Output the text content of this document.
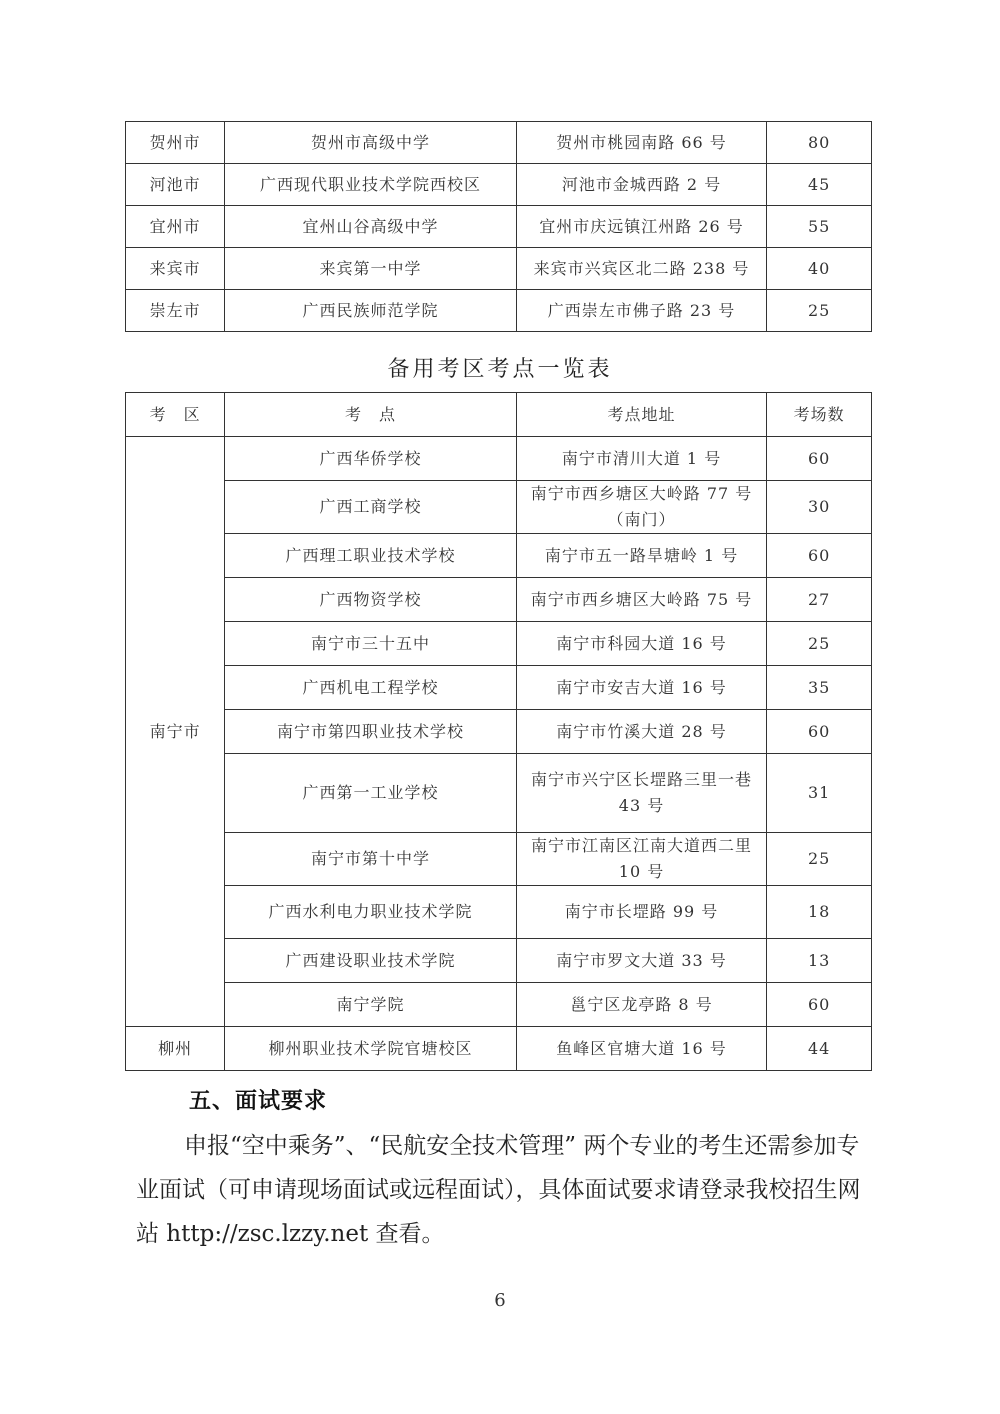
贺州市	贺州市高级中学	贺州市桃园南路 66 号	80
河池市	广西现代职业技术学院西校区	河池市金城西路 2 号	45
宜州市	宜州山谷高级中学	宜州市庆远镇江州路 26 号	55
来宾市	来宾第一中学	来宾市兴宾区北二路 238 号	40
崇左市	广西民族师范学院	广西崇左市佛子路 23 号	25
备用考区考点一览表
考　区	考　点	考点地址	考场数
南宁市	广西华侨学校	南宁市清川大道 1 号	60
	广西工商学校	南宁市西乡塘区大岭路 77 号（南门）	30
	广西理工职业技术学校	南宁市五一路旱塘岭 1 号	60
	广西物资学校	南宁市西乡塘区大岭路 75 号	27
	南宁市三十五中	南宁市科园大道 16 号	25
	广西机电工程学校	南宁市安吉大道 16 号	35
	南宁市第四职业技术学校	南宁市竹溪大道 28 号	60
	广西第一工业学校	南宁市兴宁区长堽路三里一巷 43 号	31
	南宁市第十中学	南宁市江南区江南大道西二里 10 号	25
	广西水利电力职业技术学院	南宁市长堽路 99 号	18
	广西建设职业技术学院	南宁市罗文大道 33 号	13
	南宁学院	邕宁区龙亭路 8 号	60
柳州	柳州职业技术学院官塘校区	鱼峰区官塘大道 16 号	44
五、面试要求
申报“空中乘务”、“民航安全技术管理” 两个专业的考生还需参加专业面试（可申请现场面试或远程面试），具体面试要求请登录我校招生网站 http://zsc.lzzy.net 查看。
6
